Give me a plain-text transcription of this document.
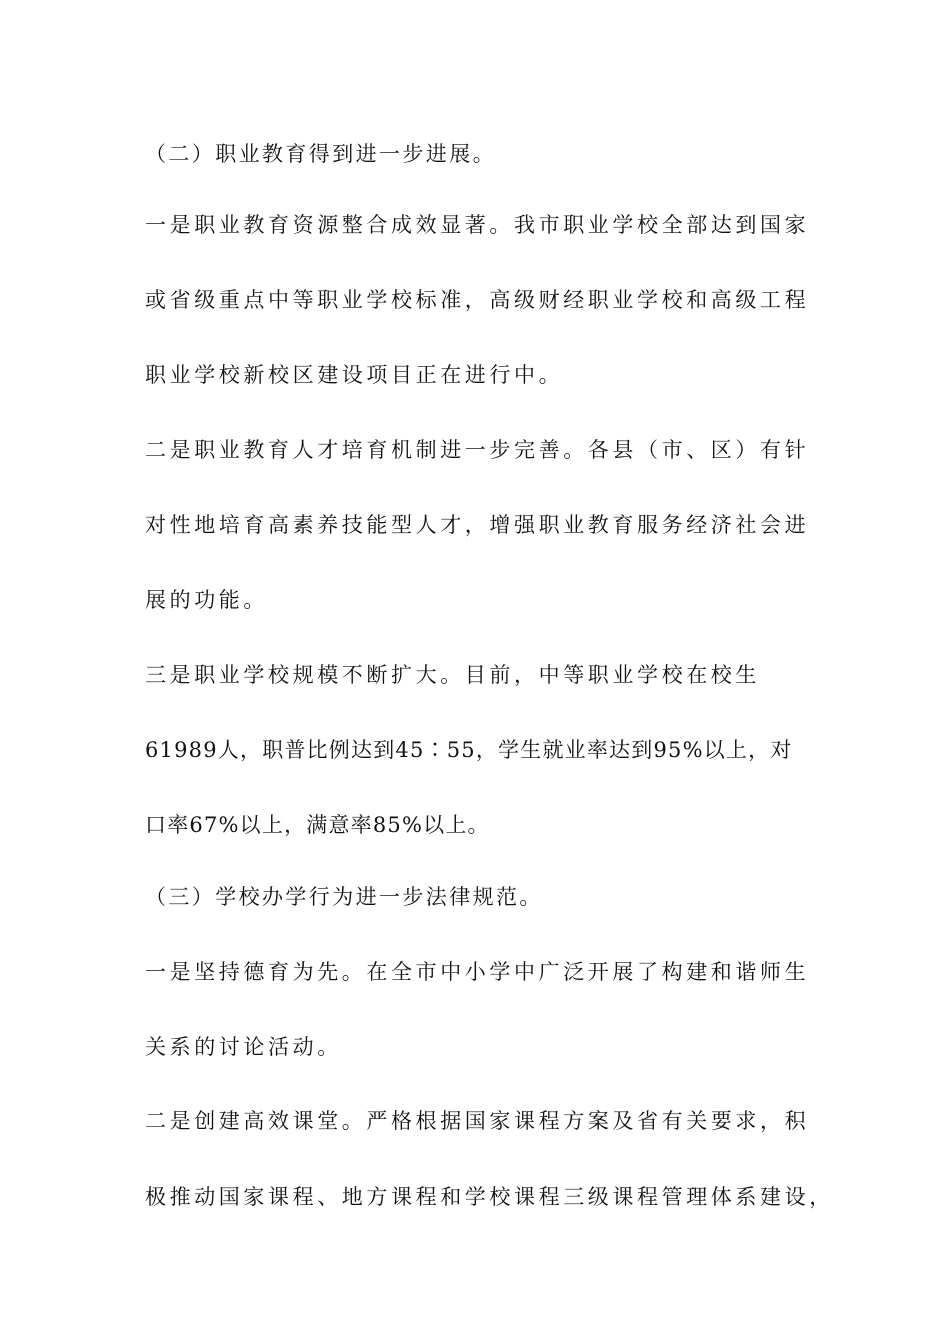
（二）职业教育得到进一步进展。
一是职业教育资源整合成效显著。我市职业学校全部达到国家
或省级重点中等职业学校标准，高级财经职业学校和高级工程
职业学校新校区建设项目正在进行中。
二是职业教育人才培育机制进一步完善。各县（市、区）有针
对性地培育高素养技能型人才，增强职业教育服务经济社会进
展的功能。
三是职业学校规模不断扩大。目前，中等职业学校在校生
61989人，职普比例达到45∶55，学生就业率达到95%以上，对
口率67%以上，满意率85%以上。
（三）学校办学行为进一步法律规范。
一是坚持德育为先。在全市中小学中广泛开展了构建和谐师生
关系的讨论活动。
二是创建高效课堂。严格根据国家课程方案及省有关要求，积
极推动国家课程、地方课程和学校课程三级课程管理体系建设，
